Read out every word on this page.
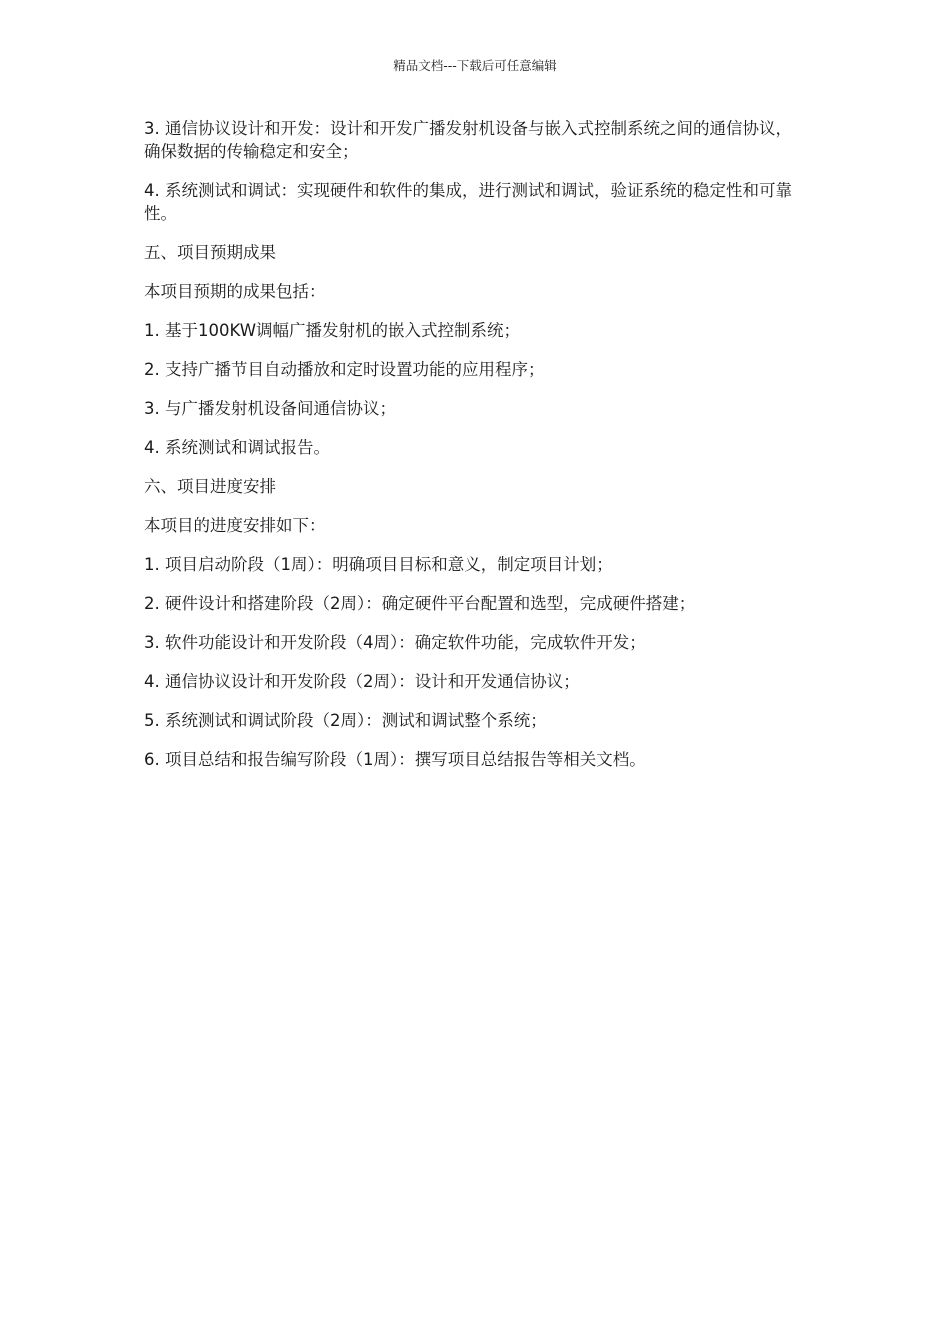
精品文档---下载后可任意编辑

3. 通信协议设计和开发：设计和开发广播发射机设备与嵌入式控制系统之间的通信协议，确保数据的传输稳定和安全；

4. 系统测试和调试：实现硬件和软件的集成，进行测试和调试，验证系统的稳定性和可靠性。

五、项目预期成果

本项目预期的成果包括：

1. 基于100KW调幅广播发射机的嵌入式控制系统；

2. 支持广播节目自动播放和定时设置功能的应用程序；

3. 与广播发射机设备间通信协议；

4. 系统测试和调试报告。

六、项目进度安排

本项目的进度安排如下：

1. 项目启动阶段（1周）：明确项目目标和意义，制定项目计划；

2. 硬件设计和搭建阶段（2周）：确定硬件平台配置和选型，完成硬件搭建；

3. 软件功能设计和开发阶段（4周）：确定软件功能，完成软件开发；

4. 通信协议设计和开发阶段（2周）：设计和开发通信协议；

5. 系统测试和调试阶段（2周）：测试和调试整个系统；

6. 项目总结和报告编写阶段（1周）：撰写项目总结报告等相关文档。
